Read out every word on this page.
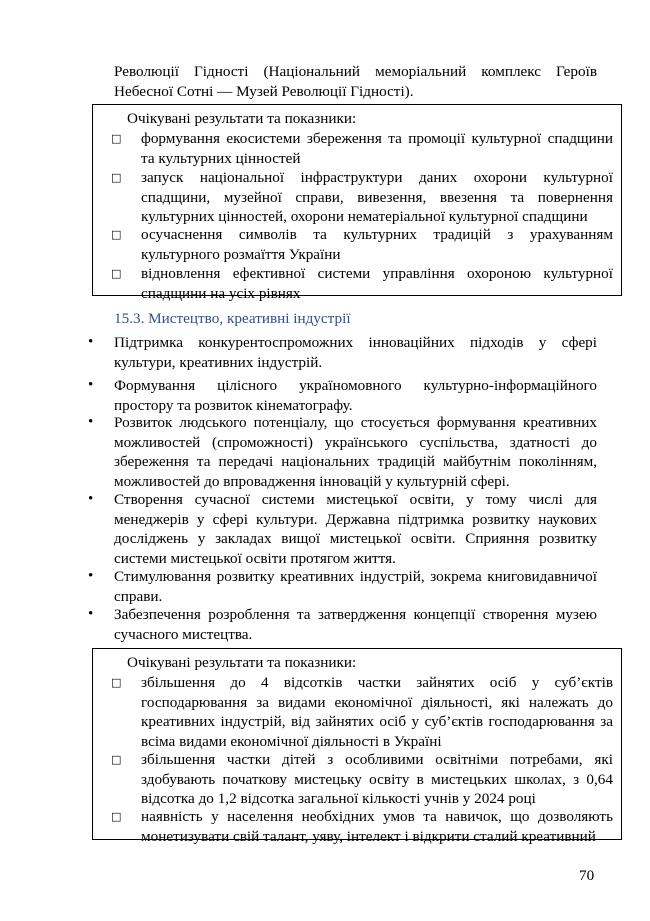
Революції Гідності (Національний меморіальний комплекс Героїв Небесної Сотні — Музей Революції Гідності).
Очікувані результати та показники:
□ формування екосистеми збереження та промоції культурної спадщини та культурних цінностей
□ запуск національної інфраструктури даних охорони культурної спадщини, музейної справи, вивезення, ввезення та повернення культурних цінностей, охорони нематеріальної культурної спадщини
□ осучаснення символів та культурних традицій з урахуванням культурного розмаїття України
□ відновлення ефективної системи управління охороною культурної спадщини на усіх рівнях
15.3. Мистецтво, креативні індустрії
•	Підтримка конкурентоспроможних інноваційних підходів у сфері культури, креативних індустрій.
•	Формування цілісного україномовного культурно-інформаційного простору та розвиток кінематографу.
•	Розвиток людського потенціалу, що стосується формування креативних можливостей (спроможності) українського суспільства, здатності до збереження та передачі національних традицій майбутнім поколінням, можливостей до впровадження інновацій у культурній сфері.
•	Створення сучасної системи мистецької освіти, у тому числі для менеджерів у сфері культури. Державна підтримка розвитку наукових досліджень у закладах вищої мистецької освіти. Сприяння розвитку системи мистецької освіти протягом життя.
•	Стимулювання розвитку креативних індустрій, зокрема книговидавничої справи.
•	Забезпечення розроблення та затвердження концепції створення музею сучасного мистецтва.
Очікувані результати та показники:
□ збільшення до 4 відсотків частки зайнятих осіб у суб’єктів господарювання за видами економічної діяльності, які належать до креативних індустрій, від зайнятих осіб у суб’єктів господарювання за всіма видами економічної діяльності в Україні
□ збільшення частки дітей з особливими освітніми потребами, які здобувають початкову мистецьку освіту в мистецьких школах, з 0,64 відсотка до 1,2 відсотка загальної кількості учнів у 2024 році
□ наявність у населення необхідних умов та навичок, що дозволяють монетизувати свій талант, уяву, інтелект і відкрити сталий креативний
70
